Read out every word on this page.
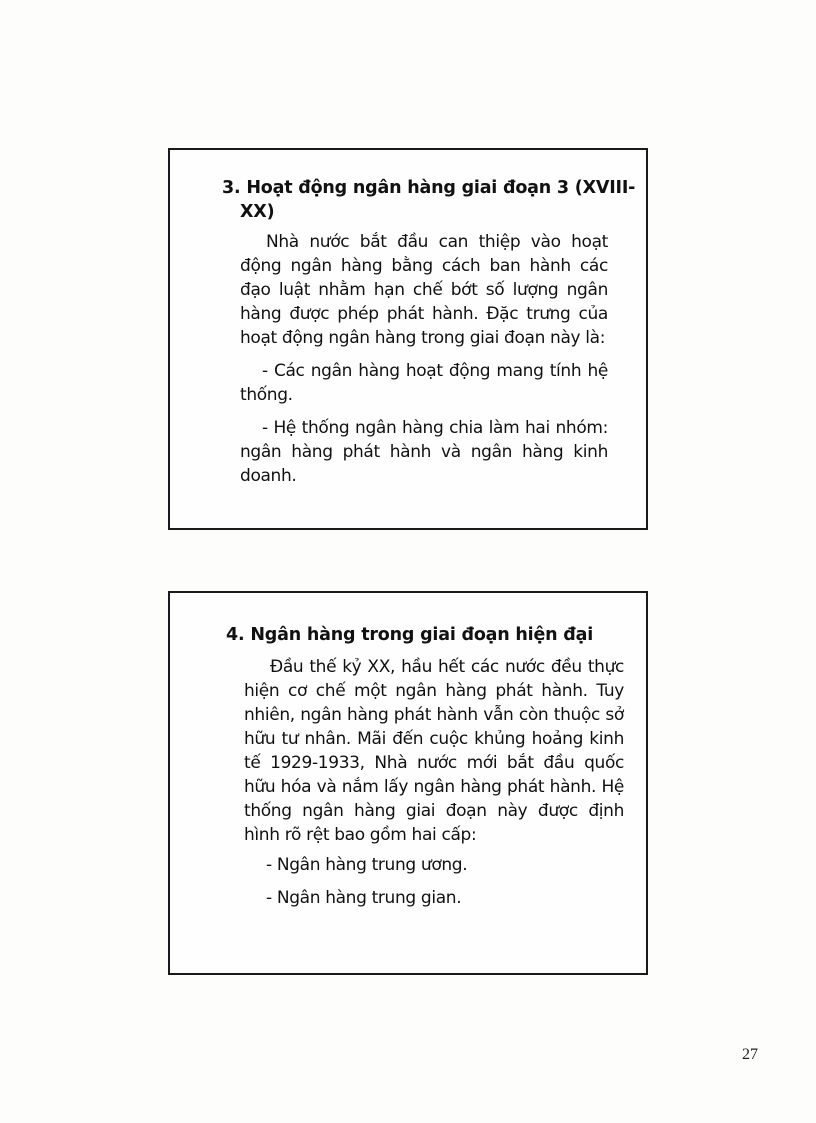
3. Hoạt động ngân hàng giai đoạn 3 (XVIII-XX)

Nhà nước bắt đầu can thiệp vào hoạt động ngân hàng bằng cách ban hành các đạo luật nhằm hạn chế bớt số lượng ngân hàng được phép phát hành. Đặc trưng của hoạt động ngân hàng trong giai đoạn này là:

- Các ngân hàng hoạt động mang tính hệ thống.

- Hệ thống ngân hàng chia làm hai nhóm: ngân hàng phát hành và ngân hàng kinh doanh.

4. Ngân hàng trong giai đoạn hiện đại

Đầu thế kỷ XX, hầu hết các nước đều thực hiện cơ chế một ngân hàng phát hành. Tuy nhiên, ngân hàng phát hành vẫn còn thuộc sở hữu tư nhân. Mãi đến cuộc khủng hoảng kinh tế 1929-1933, Nhà nước mới bắt đầu quốc hữu hóa và nắm lấy ngân hàng phát hành. Hệ thống ngân hàng giai đoạn này được định hình rõ rệt bao gồm hai cấp:

- Ngân hàng trung ương.

- Ngân hàng trung gian.

27
